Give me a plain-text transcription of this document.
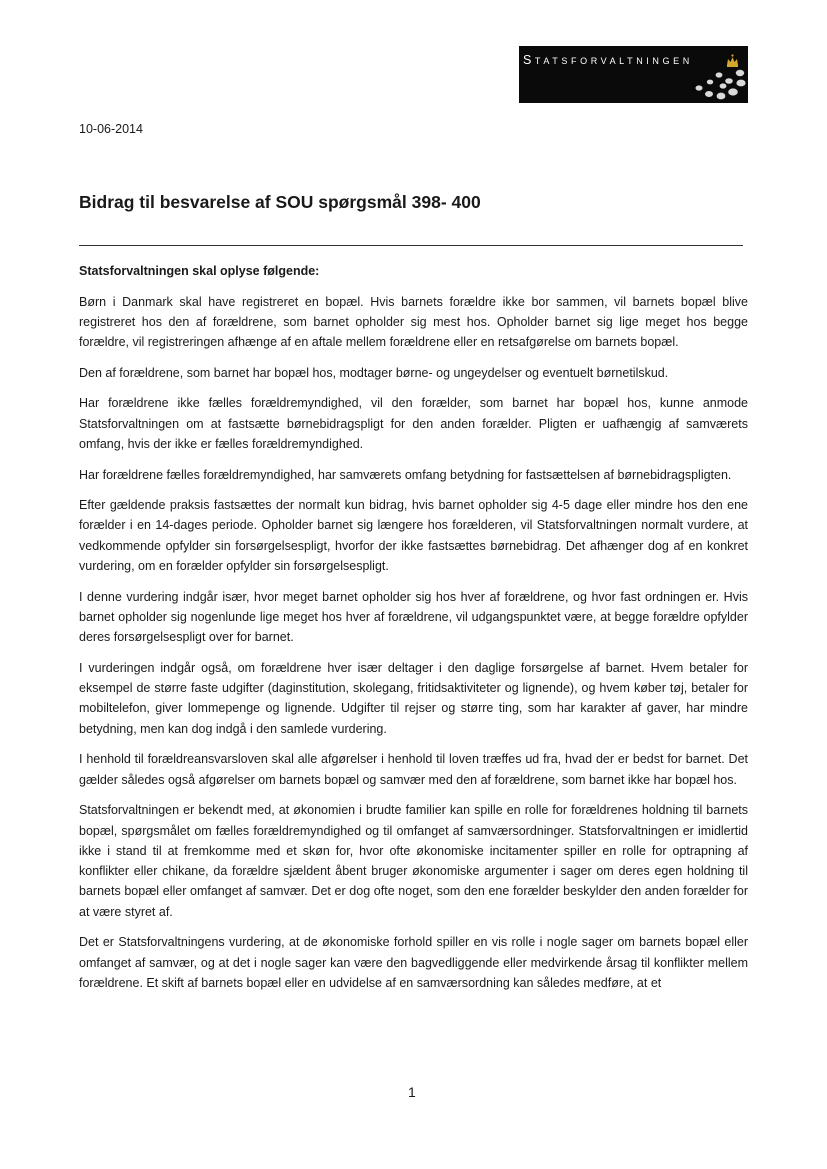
Statsforvaltningen
10-06-2014
Bidrag til besvarelse af SOU spørgsmål 398- 400

Statsforvaltningen skal oplyse følgende:

Børn i Danmark skal have registreret en bopæl. Hvis barnets forældre ikke bor sammen, vil barnets bopæl blive registreret hos den af forældrene, som barnet opholder sig mest hos. Opholder barnet sig lige meget hos begge forældre, vil registreringen afhænge af en aftale mellem forældrene eller en retsafgørelse om barnets bopæl.

Den af forældrene, som barnet har bopæl hos, modtager børne- og ungeydelser og eventuelt børnetilskud.

Har forældrene ikke fælles forældremyndighed, vil den forælder, som barnet har bopæl hos, kunne anmode Statsforvaltningen om at fastsætte børnebidragspligt for den anden forælder. Pligten er uafhængig af samværets omfang, hvis der ikke er fælles forældremyndighed.

Har forældrene fælles forældremyndighed, har samværets omfang betydning for fastsættelsen af børnebidragspligten.

Efter gældende praksis fastsættes der normalt kun bidrag, hvis barnet opholder sig 4-5 dage eller mindre hos den ene forælder i en 14-dages periode. Opholder barnet sig længere hos forælderen, vil Statsforvaltningen normalt vurdere, at vedkommende opfylder sin forsørgelsespligt, hvorfor der ikke fastsættes børnebidrag. Det afhænger dog af en konkret vurdering, om en forælder opfylder sin forsørgelsespligt.

I denne vurdering indgår især, hvor meget barnet opholder sig hos hver af forældrene, og hvor fast ordningen er. Hvis barnet opholder sig nogenlunde lige meget hos hver af forældrene, vil udgangspunktet være, at begge forældre opfylder deres forsørgelsespligt over for barnet.

I vurderingen indgår også, om forældrene hver især deltager i den daglige forsørgelse af barnet. Hvem betaler for eksempel de større faste udgifter (daginstitution, skolegang, fritidsaktiviteter og lignende), og hvem køber tøj, betaler for mobiltelefon, giver lommepenge og lignende. Udgifter til rejser og større ting, som har karakter af gaver, har mindre betydning, men kan dog indgå i den samlede vurdering.

I henhold til forældreansvarsloven skal alle afgørelser i henhold til loven træffes ud fra, hvad der er bedst for barnet. Det gælder således også afgørelser om barnets bopæl og samvær med den af forældrene, som barnet ikke har bopæl hos.

Statsforvaltningen er bekendt med, at økonomien i brudte familier kan spille en rolle for forældrenes holdning til barnets bopæl, spørgsmålet om fælles forældremyndighed og til omfanget af samværsordninger. Statsforvaltningen er imidlertid ikke i stand til at fremkomme med et skøn for, hvor ofte økonomiske incitamenter spiller en rolle for optrapning af konflikter eller chikane, da forældre sjældent åbent bruger økonomiske argumenter i sager om deres egen holdning til barnets bopæl eller omfanget af samvær. Det er dog ofte noget, som den ene forælder beskylder den anden forælder for at være styret af.

Det er Statsforvaltningens vurdering, at de økonomiske forhold spiller en vis rolle i nogle sager om barnets bopæl eller omfanget af samvær, og at det i nogle sager kan være den bagvedliggende eller medvirkende årsag til konflikter mellem forældrene. Et skift af barnets bopæl eller en udvidelse af en samværsordning kan således medføre, at et

1
